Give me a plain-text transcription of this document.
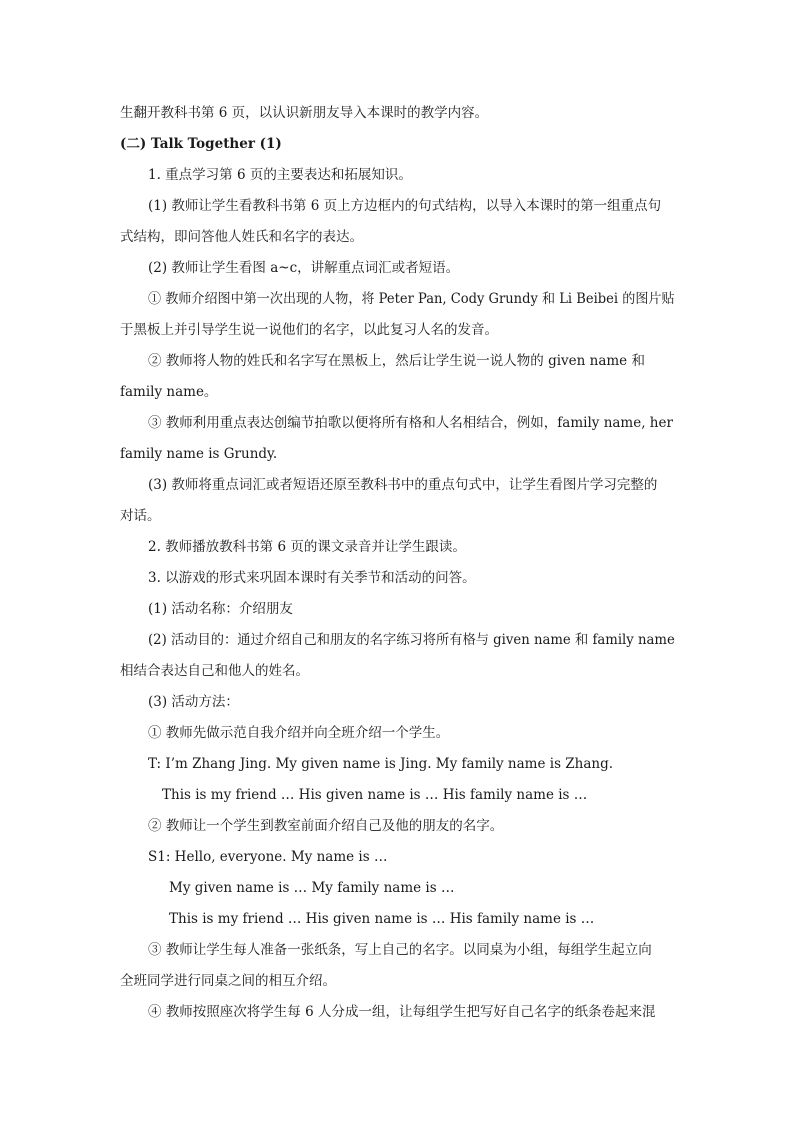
生翻开教科书第 6 页，以认识新朋友导入本课时的教学内容。
(二) Talk Together (1)
1. 重点学习第 6 页的主要表达和拓展知识。
(1) 教师让学生看教科书第 6 页上方边框内的句式结构，以导入本课时的第一组重点句
式结构，即问答他人姓氏和名字的表达。
(2) 教师让学生看图 a~c，讲解重点词汇或者短语。
① 教师介绍图中第一次出现的人物，将 Peter Pan, Cody Grundy 和 Li Beibei 的图片贴
于黑板上并引导学生说一说他们的名字，以此复习人名的发音。
② 教师将人物的姓氏和名字写在黑板上，然后让学生说一说人物的 given name 和
family name。
③ 教师利用重点表达创编节拍歌以便将所有格和人名相结合，例如，family name, her
family name is Grundy.
(3) 教师将重点词汇或者短语还原至教科书中的重点句式中，让学生看图片学习完整的
对话。
2. 教师播放教科书第 6 页的课文录音并让学生跟读。
3. 以游戏的形式来巩固本课时有关季节和活动的问答。
(1) 活动名称：介绍朋友
(2) 活动目的：通过介绍自己和朋友的名字练习将所有格与 given name 和 family name
相结合表达自己和他人的姓名。
(3) 活动方法：
① 教师先做示范自我介绍并向全班介绍一个学生。
T: I’m Zhang Jing. My given name is Jing. My family name is Zhang.
This is my friend … His given name is … His family name is …
② 教师让一个学生到教室前面介绍自己及他的朋友的名字。
S1: Hello, everyone. My name is …
My given name is … My family name is …
This is my friend … His given name is … His family name is …
③ 教师让学生每人准备一张纸条，写上自己的名字。以同桌为小组，每组学生起立向
全班同学进行同桌之间的相互介绍。
④ 教师按照座次将学生每 6 人分成一组，让每组学生把写好自己名字的纸条卷起来混
